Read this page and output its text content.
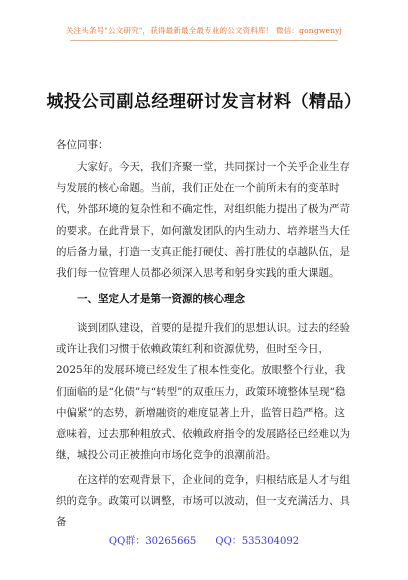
关注头条号"公文研究"，获得最新最全最专业的公文资料库！ 微信：gongwenyj
城投公司副总经理研讨发言材料（精品）
各位同事：

大家好。今天，我们齐聚一堂，共同探讨一个关乎企业生存与发展的核心命题。当前，我们正处在一个前所未有的变革时代，外部环境的复杂性和不确定性，对组织能力提出了极为严苛的要求。在此背景下，如何激发团队的内生动力、培养堪当大任的后备力量，打造一支真正能打硬仗、善打胜仗的卓越队伍，是我们每一位管理人员都必须深入思考和躬身实践的重大课题。

一、坚定人才是第一资源的核心理念

谈到团队建设，首要的是提升我们的思想认识。过去的经验或许让我们习惯于依赖政策红利和资源优势，但时至今日，2025年的发展环境已经发生了根本性变化。放眼整个行业，我们面临的是“化债”与“转型”的双重压力，政策环境整体呈现“稳中偏紧”的态势，新增融资的难度显著上升，监管日趋严格。这意味着，过去那种粗放式、依赖政府指令的发展路径已经难以为继，城投公司正被推向市场化竞争的浪潮前沿。

在这样的宏观背景下，企业间的竞争，归根结底是人才与组织的竞争。政策可以调整，市场可以波动，但一支充满活力、具备

QQ群：30265665 QQ：535304092
